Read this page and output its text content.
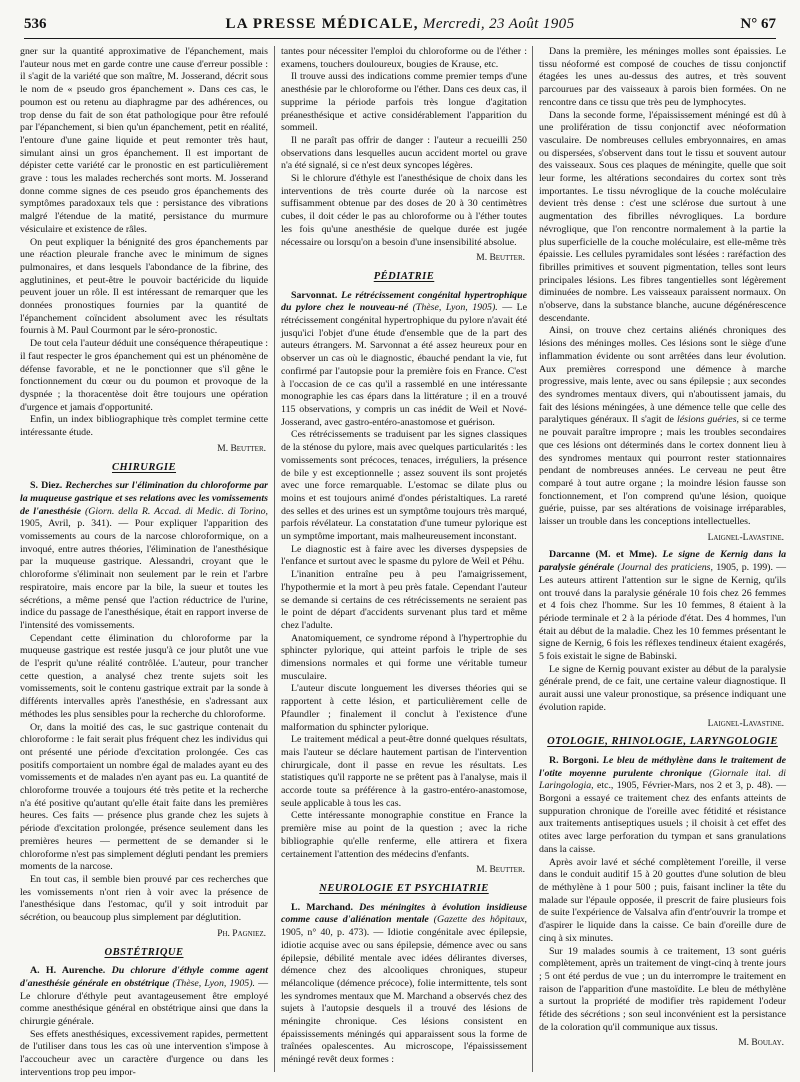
536	LA PRESSE MÉDICALE, Mercredi, 23 Août 1905	N° 67

gner sur la quantité approximative de l'épanchement, mais l'auteur nous met en garde contre une cause d'erreur possible : il s'agit de la variété que son maître, M. Josserand, décrit sous le nom de « pseudo gros épanchement ». Dans ces cas, le poumon est ou retenu au diaphragme par des adhérences, ou trop dense du fait de son état pathologique pour être refoulé par l'épanchement, si bien qu'un épanchement, petit en réalité, l'entoure d'une gaine liquide et peut remonter très haut, simulant ainsi un gros épanchement. Il est important de dépister cette variété car le pronostic en est particulièrement grave : tous les malades recherchés sont morts. M. Josserand donne comme signes de ces pseudo gros épanchements des symptômes paradoxaux tels que : persistance des vibrations malgré l'étendue de la matité, persistance du murmure vésiculaire et existence de râles.

On peut expliquer la bénignité des gros épanchements par une réaction pleurale franche avec le minimum de signes pulmonaires, et dans lesquels l'abondance de la fibrine, des agglutinines, et peut-être le pouvoir bactéricide du liquide peuvent jouer un rôle. Il est intéressant de remarquer que les données pronostiques fournies par la quantité de l'épanchement coïncident absolument avec les résultats fournis à M. Paul Courmont par le séro-pronostic.

De tout cela l'auteur déduit une conséquence thérapeutique : il faut respecter le gros épanchement qui est un phénomène de défense favorable, et ne le ponctionner que s'il gêne le fonctionnement du cœur ou du poumon et provoque de la dyspnée ; la thoracentèse doit être toujours une opération d'urgence et jamais d'opportunité.

Enfin, un index bibliographique très complet termine cette intéressante étude.

M. Beutter.

CHIRURGIE

S. Diez. Recherches sur l'élimination du chloroforme par la muqueuse gastrique et ses relations avec les vomissements de l'anesthésie (Giorn. della R. Accad. di Medic. di Torino, 1905, Avril, p. 341). — Pour expliquer l'apparition des vomissements au cours de la narcose chloroformique, on a invoqué, entre autres théories, l'élimination de l'anesthésique par la muqueuse gastrique. Alessandri, croyant que le chloroforme s'éliminait non seulement par le rein et l'arbre respiratoire, mais encore par la bile, la sueur et toutes les sécrétions, a même pensé que l'action réductrice de l'urine, indice du passage de l'anesthésique, était en rapport inverse de l'intensité des vomissements.

Cependant cette élimination du chloroforme par la muqueuse gastrique est restée jusqu'à ce jour plutôt une vue de l'esprit qu'une réalité contrôlée. L'auteur, pour trancher cette question, a analysé chez trente sujets soit les vomissements, soit le contenu gastrique extrait par la sonde à différents intervalles après l'anesthésie, en s'adressant aux méthodes les plus sensibles pour la recherche du chloroforme.

Or, dans la moitié des cas, le suc gastrique contenait du chloroforme : le fait serait plus fréquent chez les individus qui ont présenté une période d'excitation prolongée. Ces cas positifs comportaient un nombre égal de malades ayant eu des vomissements et de malades n'en ayant pas eu. La quantité de chloroforme trouvée a toujours été très petite et la recherche n'a été positive qu'autant qu'elle était faite dans les premières heures. Ces faits — présence plus grande chez les sujets à période d'excitation prolongée, présence seulement dans les premières heures — permettent de se demander si le chloroforme n'est pas simplement dégluti pendant les premiers moments de la narcose.

En tout cas, il semble bien prouvé par ces recherches que les vomissements n'ont rien à voir avec la présence de l'anesthésique dans l'estomac, qu'il y soit introduit par sécrétion, ou beaucoup plus simplement par déglutition.

Ph. Pagniez.

OBSTÉTRIQUE

A. H. Aurenche. Du chlorure d'éthyle comme agent d'anesthésie générale en obstétrique (Thèse, Lyon, 1905). — Le chlorure d'éthyle peut avantageusement être employé comme anesthésique général en obstétrique ainsi que dans la chirurgie générale.

Ses effets anesthésiques, excessivement rapides, permettent de l'utiliser dans tous les cas où une intervention s'impose à l'accoucheur avec un caractère d'urgence ou dans les interventions trop peu impor-

tantes pour nécessiter l'emploi du chloroforme ou de l'éther : examens, touchers douloureux, bougies de Krause, etc.

Il trouve aussi des indications comme premier temps d'une anesthésie par le chloroforme ou l'éther. Dans ces deux cas, il supprime la période parfois très longue d'agitation préanesthésique et active considérablement l'apparition du sommeil.

Il ne paraît pas offrir de danger : l'auteur a recueilli 250 observations dans lesquelles aucun accident mortel ou grave n'a été signalé, si ce n'est deux syncopes légères.

Si le chlorure d'éthyle est l'anesthésique de choix dans les interventions de très courte durée où la narcose est suffisamment obtenue par des doses de 20 à 30 centimètres cubes, il doit céder le pas au chloroforme ou à l'éther toutes les fois qu'une anesthésie de quelque durée est jugée nécessaire ou lorsqu'on a besoin d'une insensibilité absolue.

M. Beutter.

PÉDIATRIE

Sarvonnat. Le rétrécissement congénital hypertrophique du pylore chez le nouveau-né (Thèse, Lyon, 1905). — Le rétrécissement congénital hypertrophique du pylore n'avait été jusqu'ici l'objet d'une étude d'ensemble que de la part des auteurs étrangers. M. Sarvonnat a été assez heureux pour en observer un cas où le diagnostic, ébauché pendant la vie, fut confirmé par l'autopsie pour la première fois en France. C'est à l'occasion de ce cas qu'il a rassemblé en une intéressante monographie les cas épars dans la littérature ; il en a trouvé 115 observations, y compris un cas inédit de Weil et Nové-Josserand, avec gastro-entéro-anastomose et guérison.

Ces rétrécissements se traduisent par les signes classiques de la sténose du pylore, mais avec quelques particularités : les vomissements sont précoces, tenaces, irréguliers, la présence de bile y est exceptionnelle ; assez souvent ils sont projetés avec une force remarquable. L'estomac se dilate plus ou moins et est toujours animé d'ondes péristaltiques. La rareté des selles et des urines est un symptôme toujours très marqué, parfois révélateur. La constatation d'une tumeur pylorique est un symptôme important, mais malheureusement inconstant.

Le diagnostic est à faire avec les diverses dyspepsies de l'enfance et surtout avec le spasme du pylore de Weil et Péhu.

L'inanition entraîne peu à peu l'amaigrissement, l'hypothermie et la mort à peu près fatale. Cependant l'auteur se demande si certains de ces rétrécissements ne seraient pas le point de départ d'accidents survenant plus tard et même chez l'adulte.

Anatomiquement, ce syndrome répond à l'hypertrophie du sphincter pylorique, qui atteint parfois le triple de ses dimensions normales et qui forme une véritable tumeur musculaire.

L'auteur discute longuement les diverses théories qui se rapportent à cette lésion, et particulièrement celle de Pfaundler ; finalement il conclut à l'existence d'une malformation du sphincter pylorique.

Le traitement médical a peut-être donné quelques résultats, mais l'auteur se déclare hautement partisan de l'intervention chirurgicale, dont il passe en revue les résultats. Les statistiques qu'il rapporte ne se prêtent pas à l'analyse, mais il accorde toute sa préférence à la gastro-entéro-anastomose, seule applicable à tous les cas.

Cette intéressante monographie constitue en France la première mise au point de la question ; avec la riche bibliographie qu'elle renferme, elle attirera et fixera certainement l'attention des médecins d'enfants.

M. Beutter.

NEUROLOGIE ET PSYCHIATRIE

L. Marchand. Des méningites à évolution insidieuse comme cause d'aliénation mentale (Gazette des hôpitaux, 1905, n° 40, p. 473). — Idiotie congénitale avec épilepsie, idiotie acquise avec ou sans épilepsie, démence avec ou sans épilepsie, débilité mentale avec idées délirantes diverses, démence chez des alcooliques chroniques, stupeur mélancolique (démence précoce), folie intermittente, tels sont les syndromes mentaux que M. Marchand a observés chez des sujets à l'autopsie desquels il a trouvé des lésions de méningite chronique. Ces lésions consistent en épaississements méningés qui apparaissent sous la forme de traînées opalescentes. Au microscope, l'épaississement méningé revêt deux formes :

Dans la première, les méninges molles sont épaissies. Le tissu néoformé est composé de couches de tissu conjonctif étagées les unes au-dessus des autres, et très souvent parcourues par des vaisseaux à parois bien formées. On ne rencontre dans ce tissu que très peu de lymphocytes.

Dans la seconde forme, l'épaississement méningé est dû à une prolifération de tissu conjonctif avec néoformation vasculaire. De nombreuses cellules embryonnaires, en amas ou dispersées, s'observent dans tout le tissu et souvent autour des vaisseaux. Sous ces plaques de méningite, quelle que soit leur forme, les altérations secondaires du cortex sont très importantes. Le tissu névroglique de la couche moléculaire devient très dense : c'est une sclérose due surtout à une augmentation des fibrilles névrogliques. La bordure névroglique, que l'on rencontre normalement à la partie la plus superficielle de la couche moléculaire, est elle-même très épaissie. Les cellules pyramidales sont lésées : raréfaction des fibrilles primitives et souvent pigmentation, telles sont leurs principales lésions. Les fibres tangentielles sont légèrement diminuées de nombre. Les vaisseaux paraissent normaux. On n'observe, dans la substance blanche, aucune dégénérescence descendante.

Ainsi, on trouve chez certains aliénés chroniques des lésions des méninges molles. Ces lésions sont le siège d'une inflammation évidente ou sont arrêtées dans leur évolution. Aux premières correspond une démence à marche progressive, mais lente, avec ou sans épilepsie ; aux secondes des syndromes mentaux divers, qui n'aboutissent jamais, du fait des lésions méningées, à une démence telle que celle des paralytiques généraux. Il s'agit de lésions guéries, si ce terme ne pouvait paraître impropre ; mais les troubles secondaires que ces lésions ont déterminés dans le cortex donnent lieu à des syndromes mentaux qui pourront rester stationnaires pendant de nombreuses années. Le cerveau ne peut être comparé à tout autre organe ; la moindre lésion fausse son fonctionnement, et l'on comprend qu'une lésion, quoique guérie, puisse, par ses altérations de voisinage irréparables, laisser un trouble dans les conceptions intellectuelles.

Laignel-Lavastine.

Darcanne (M. et Mme). Le signe de Kernig dans la paralysie générale (Journal des praticiens, 1905, p. 199). — Les auteurs attirent l'attention sur le signe de Kernig, qu'ils ont trouvé dans la paralysie générale 10 fois chez 26 femmes et 4 fois chez l'homme. Sur les 10 femmes, 8 étaient à la période terminale et 2 à la période d'état. Des 4 hommes, l'un était au début de la maladie. Chez les 10 femmes présentant le signe de Kernig, 6 fois les réflexes tendineux étaient exagérés, 5 fois existait le signe de Babinski.

Le signe de Kernig pouvant exister au début de la paralysie générale prend, de ce fait, une certaine valeur diagnostique. Il aurait aussi une valeur pronostique, sa présence indiquant une évolution rapide.

Laignel-Lavastine.

OTOLOGIE, RHINOLOGIE, LARYNGOLOGIE

R. Borgoni. Le bleu de méthylène dans le traitement de l'otite moyenne purulente chronique (Giornale ital. di Laringologia, etc., 1905, Février-Mars, nos 2 et 3, p. 48). — Borgoni a essayé ce traitement chez des enfants atteints de suppuration chronique de l'oreille avec fétidité et résistance aux traitements antiseptiques usuels ; il choisit à cet effet des otites avec large perforation du tympan et sans granulations dans la caisse.

Après avoir lavé et séché complètement l'oreille, il verse dans le conduit auditif 15 à 20 gouttes d'une solution de bleu de méthylène à 1 pour 500 ; puis, faisant incliner la tête du malade sur l'épaule opposée, il prescrit de faire plusieurs fois de suite l'expérience de Valsalva afin d'entr'ouvrir la trompe et d'aspirer le liquide dans la caisse. Ce bain d'oreille dure de cinq à six minutes.

Sur 19 malades soumis à ce traitement, 13 sont guéris complètement, après un traitement de vingt-cinq à trente jours ; 5 ont été perdus de vue ; un du interrompre le traitement en raison de l'apparition d'une mastoïdite. Le bleu de méthylène a surtout la propriété de modifier très rapidement l'odeur fétide des sécrétions ; son seul inconvénient est la persistance de la coloration qu'il communique aux tissus.

M. Boulay.
